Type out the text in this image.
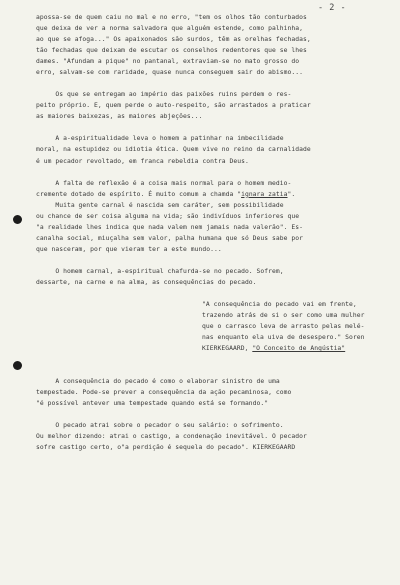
- 2 -
apossa-se de quem caiu no mal e no erro, "tem os olhos tão conturbados
que deixa de ver a norma salvadora que alguém estende, como palhinha,
ao que se afoga..." Os apaixonados são surdos, têm as orelhas fechadas,
tão fechadas que deixam de escutar os conselhos redentores que se lhes
dames. "Afundam a pique" no pantanal, extraviam-se no mato grosso do
erro, salvam-se com raridade, quase nunca conseguem sair do abismo...
Os que se entregam ao império das paixões ruins perdem o res-
peito próprio. E, quem perde o auto-respeito, são arrastados a praticar
as maiores baixezas, as maiores abjeções...
A a-espiritualidade leva o homem a patinhar na imbecilidade
moral, na estupidez ou idiotia ética. Quem vive no reino da carnalidade
é um pecador revoltado, em franca rebeldia contra Deus.
A falta de reflexão é a coisa mais normal para o homem medio-
cremente dotado de espírito. É muito comum a chamda "ignara zatia".
Muita gente carnal é nascida sem caráter, sem possibilidade
ou chance de ser coisa alguma na vida; são indivíduos inferiores que
"a realidade lhes indica que nada valem nem jamais nada valerão". Es-
canalha social, miuçalha sem valor, palha humana que só Deus sabe por
que nasceram, por que vieram ter a este mundo...
O homem carnal, a-espiritual chafurda-se no pecado. Sofrem,
dessarte, na carne e na alma, as consequências do pecado.
"A consequência do pecado vai em frente,
trazendo atrás de si o ser como uma mulher
que o carrasco leva de arrasto pelas melé-
nas enquanto ela uiva de desespero." Soren
KIERKEGAARD, "O Conceito de Angústia"
A consequência do pecado é como o elaborar sinistro de uma
tempestade. Pode-se prever a consequência da ação pecaminosa, como
"é possível antever uma tempestade quando está se formando."
O pecado atrai sobre o pecador o seu salário: o sofrimento.
Ou melhor dizendo: atrai o castigo, a condenação inevitável. O pecador
sofre castigo certo, o"a perdição é sequela do pecado". KIERKEGAARD
